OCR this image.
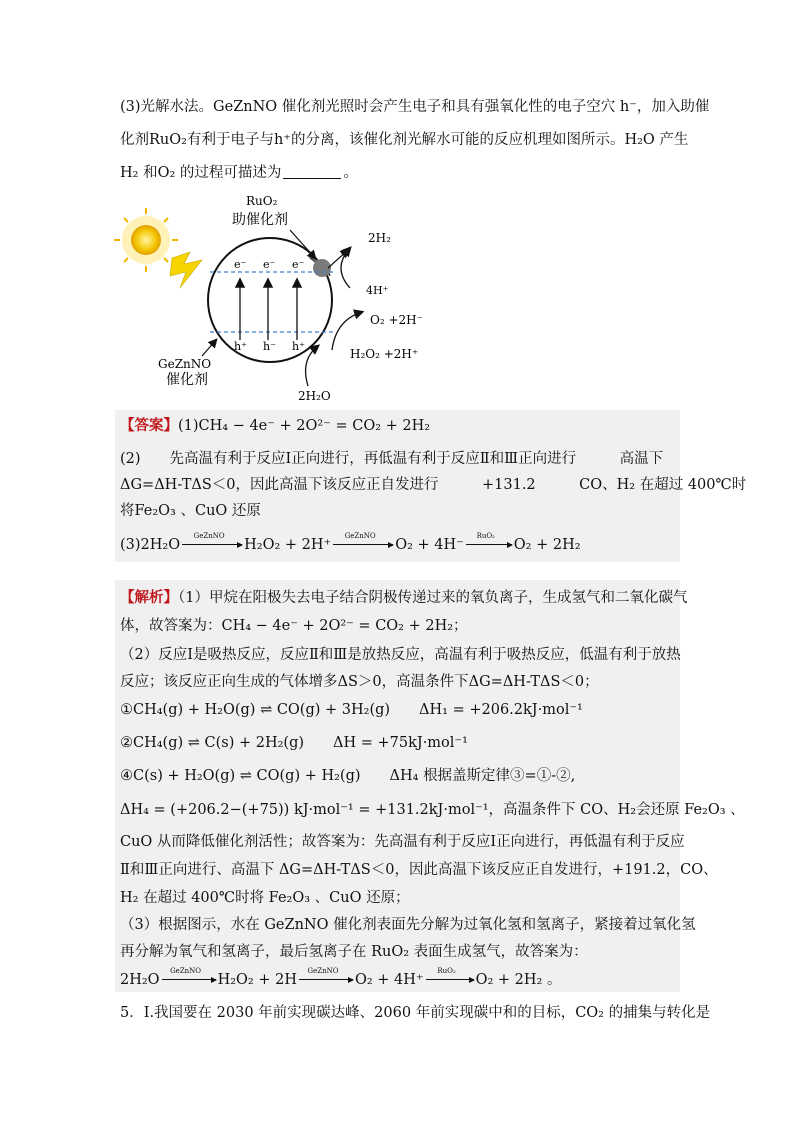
(3)光解水法。GeZnNO 催化剂光照时会产生电子和具有强氧化性的电子空穴 h⁻，加入助催
化剂RuO₂有利于电子与h⁺的分离，该催化剂光解水可能的反应机理如图所示。H₂O 产生
H₂ 和O₂ 的过程可描述为	。
e⁻ e⁻ e⁻
h⁺ h⁻ h⁺
RuO₂
助催化剂
2H₂
4H⁺
O₂ +2H⁻
H₂O₂ +2H⁺
2H₂O
GeZnNO
催化剂
【答案】(1)CH₄ − 4e⁻ + 2O²⁻ = CO₂ + 2H₂
(2)　　先高温有利于反应Ⅰ正向进行，再低温有利于反应Ⅱ和Ⅲ正向进行　　　高温下
ΔG=ΔH-TΔS＜0，因此高温下该反应正自发进行　　　+131.2　　　CO、H₂ 在超过 400℃时
将Fe₂O₃ 、CuO 还原
(3)2H₂O
GeZnNO
H₂O₂ + 2H⁺
GeZnNO
O₂ + 4H⁻
RuO₂
O₂ + 2H₂
【解析】（1）甲烷在阳极失去电子结合阴极传递过来的氧负离子，生成氢气和二氧化碳气
体，故答案为：CH₄ − 4e⁻ + 2O²⁻ = CO₂ + 2H₂；
（2）反应Ⅰ是吸热反应，反应Ⅱ和Ⅲ是放热反应，高温有利于吸热反应，低温有利于放热
反应；该反应正向生成的气体增多ΔS＞0，高温条件下ΔG=ΔH-TΔS＜0；
①CH₄(g) + H₂O(g) ⇌ CO(g) + 3H₂(g)　　ΔH₁ = +206.2kJ·mol⁻¹
②CH₄(g) ⇌ C(s) + 2H₂(g)　　ΔH = +75kJ·mol⁻¹
④C(s) + H₂O(g) ⇌ CO(g) + H₂(g)　　ΔH₄ 根据盖斯定律③=①-②,
ΔH₄ = (+206.2−(+75)) kJ·mol⁻¹ = +131.2kJ·mol⁻¹，高温条件下 CO、H₂会还原 Fe₂O₃ 、
CuO 从而降低催化剂活性；故答案为：先高温有利于反应Ⅰ正向进行，再低温有利于反应
Ⅱ和Ⅲ正向进行、高温下 ΔG=ΔH-TΔS＜0，因此高温下该反应正自发进行，+191.2，CO、
H₂ 在超过 400℃时将 Fe₂O₃ 、CuO 还原；
（3）根据图示，水在 GeZnNO 催化剂表面先分解为过氧化氢和氢离子，紧接着过氧化氢
再分解为氧气和氢离子，最后氢离子在 RuO₂ 表面生成氢气，故答案为：
2H₂O
GeZnNO
H₂O₂ + 2H
GeZnNO
O₂ + 4H⁺
RuO₂
O₂ + 2H₂ 。
5．Ⅰ.我国要在 2030 年前实现碳达峰、2060 年前实现碳中和的目标，CO₂ 的捕集与转化是
